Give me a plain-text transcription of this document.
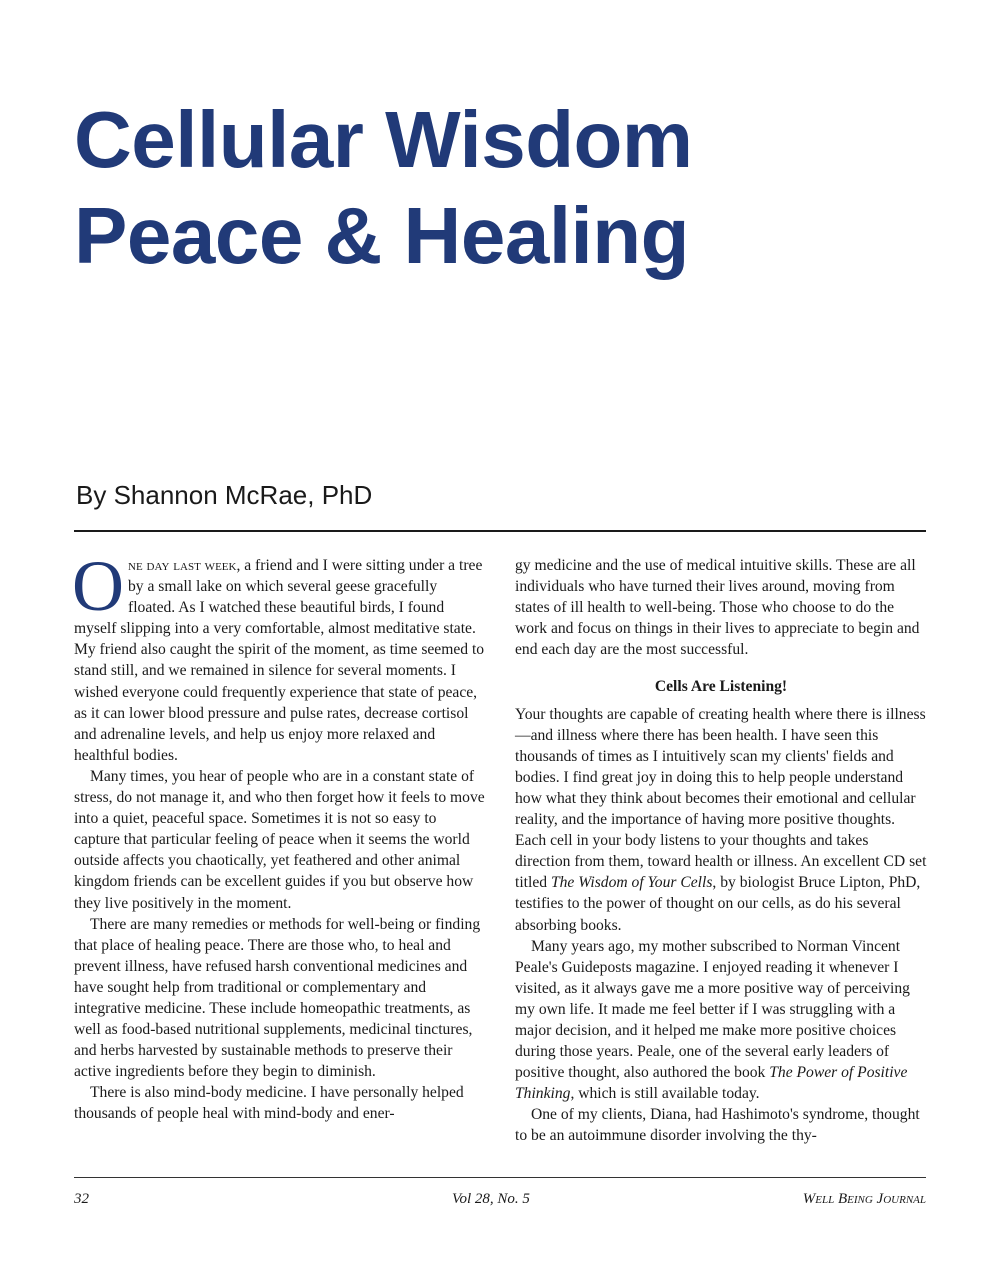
Cellular Wisdom
Peace & Healing
By Shannon McRae, PhD

One day last week, a friend and I were sitting under a tree by a small lake on which several geese gracefully floated. As I watched these beautiful birds, I found myself slipping into a very comfortable, almost meditative state. My friend also caught the spirit of the moment, as time seemed to stand still, and we remained in silence for several moments. I wished everyone could frequently experience that state of peace, as it can lower blood pressure and pulse rates, decrease cortisol and adrenaline levels, and help us enjoy more relaxed and healthful bodies.

Many times, you hear of people who are in a constant state of stress, do not manage it, and who then forget how it feels to move into a quiet, peaceful space. Sometimes it is not so easy to capture that particular feeling of peace when it seems the world outside affects you chaotically, yet feathered and other animal kingdom friends can be excellent guides if you but observe how they live positively in the moment.

There are many remedies or methods for well-being or finding that place of healing peace. There are those who, to heal and prevent illness, have refused harsh conventional medicines and have sought help from traditional or complementary and integrative medicine. These include homeopathic treatments, as well as food-based nutritional supplements, medicinal tinctures, and herbs harvested by sustainable methods to preserve their active ingredients before they begin to diminish.

There is also mind-body medicine. I have personally helped thousands of people heal with mind-body and ener-

gy medicine and the use of medical intuitive skills. These are all individuals who have turned their lives around, moving from states of ill health to well-being. Those who choose to do the work and focus on things in their lives to appreciate to begin and end each day are the most successful.

Cells Are Listening!

Your thoughts are capable of creating health where there is illness—and illness where there has been health. I have seen this thousands of times as I intuitively scan my clients' fields and bodies. I find great joy in doing this to help people understand how what they think about becomes their emotional and cellular reality, and the importance of having more positive thoughts. Each cell in your body listens to your thoughts and takes direction from them, toward health or illness. An excellent CD set titled The Wisdom of Your Cells, by biologist Bruce Lipton, PhD, testifies to the power of thought on our cells, as do his several absorbing books.

Many years ago, my mother subscribed to Norman Vincent Peale's Guideposts magazine. I enjoyed reading it whenever I visited, as it always gave me a more positive way of perceiving my own life. It made me feel better if I was struggling with a major decision, and it helped me make more positive choices during those years. Peale, one of the several early leaders of positive thought, also authored the book The Power of Positive Thinking, which is still available today.

One of my clients, Diana, had Hashimoto's syndrome, thought to be an autoimmune disorder involving the thy-

32	Vol 28, No. 5	Well Being Journal
